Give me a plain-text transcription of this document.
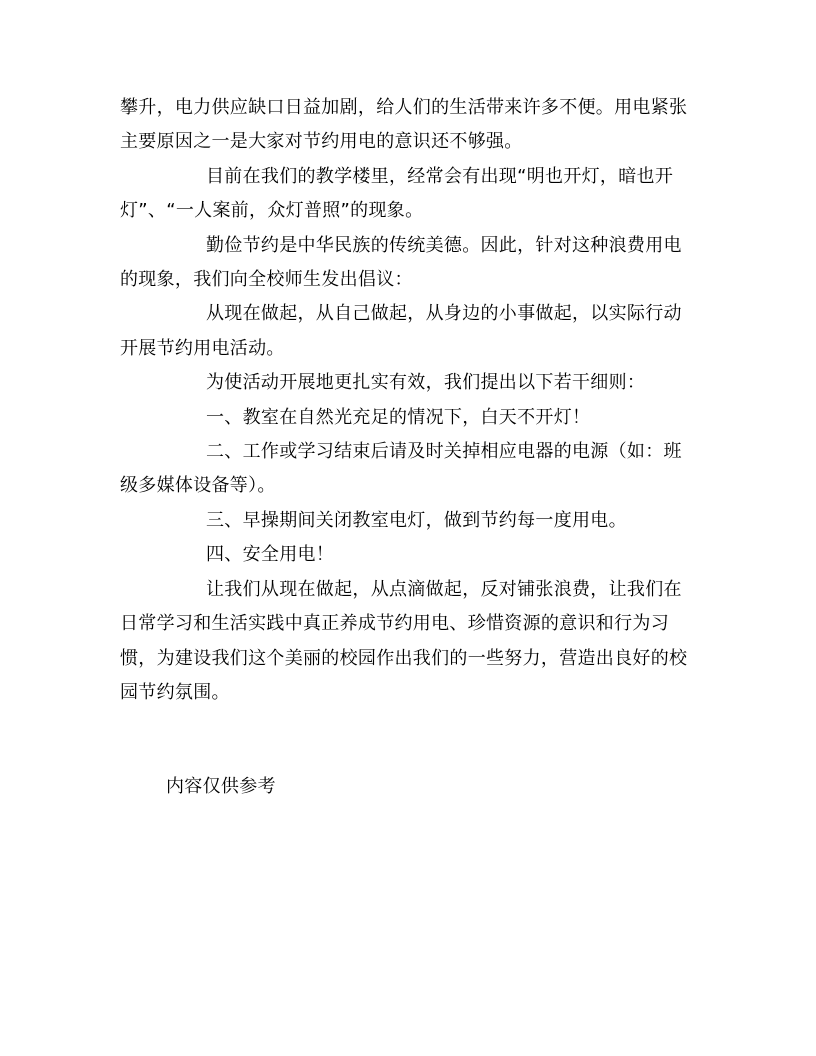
攀升，电力供应缺口日益加剧，给人们的生活带来许多不便。用电紧张主要原因之一是大家对节约用电的意识还不够强。

目前在我们的教学楼里，经常会有出现“明也开灯，暗也开灯”、“一人案前，众灯普照”的现象。

勤俭节约是中华民族的传统美德。因此，针对这种浪费用电的现象，我们向全校师生发出倡议：

从现在做起，从自己做起，从身边的小事做起，以实际行动开展节约用电活动。

为使活动开展地更扎实有效，我们提出以下若干细则：

一、教室在自然光充足的情况下，白天不开灯！

二、工作或学习结束后请及时关掉相应电器的电源（如：班级多媒体设备等）。

三、早操期间关闭教室电灯，做到节约每一度用电。

四、安全用电！

让我们从现在做起，从点滴做起，反对铺张浪费，让我们在日常学习和生活实践中真正养成节约用电、珍惜资源的意识和行为习惯，为建设我们这个美丽的校园作出我们的一些努力，营造出良好的校园节约氛围。

内容仅供参考
